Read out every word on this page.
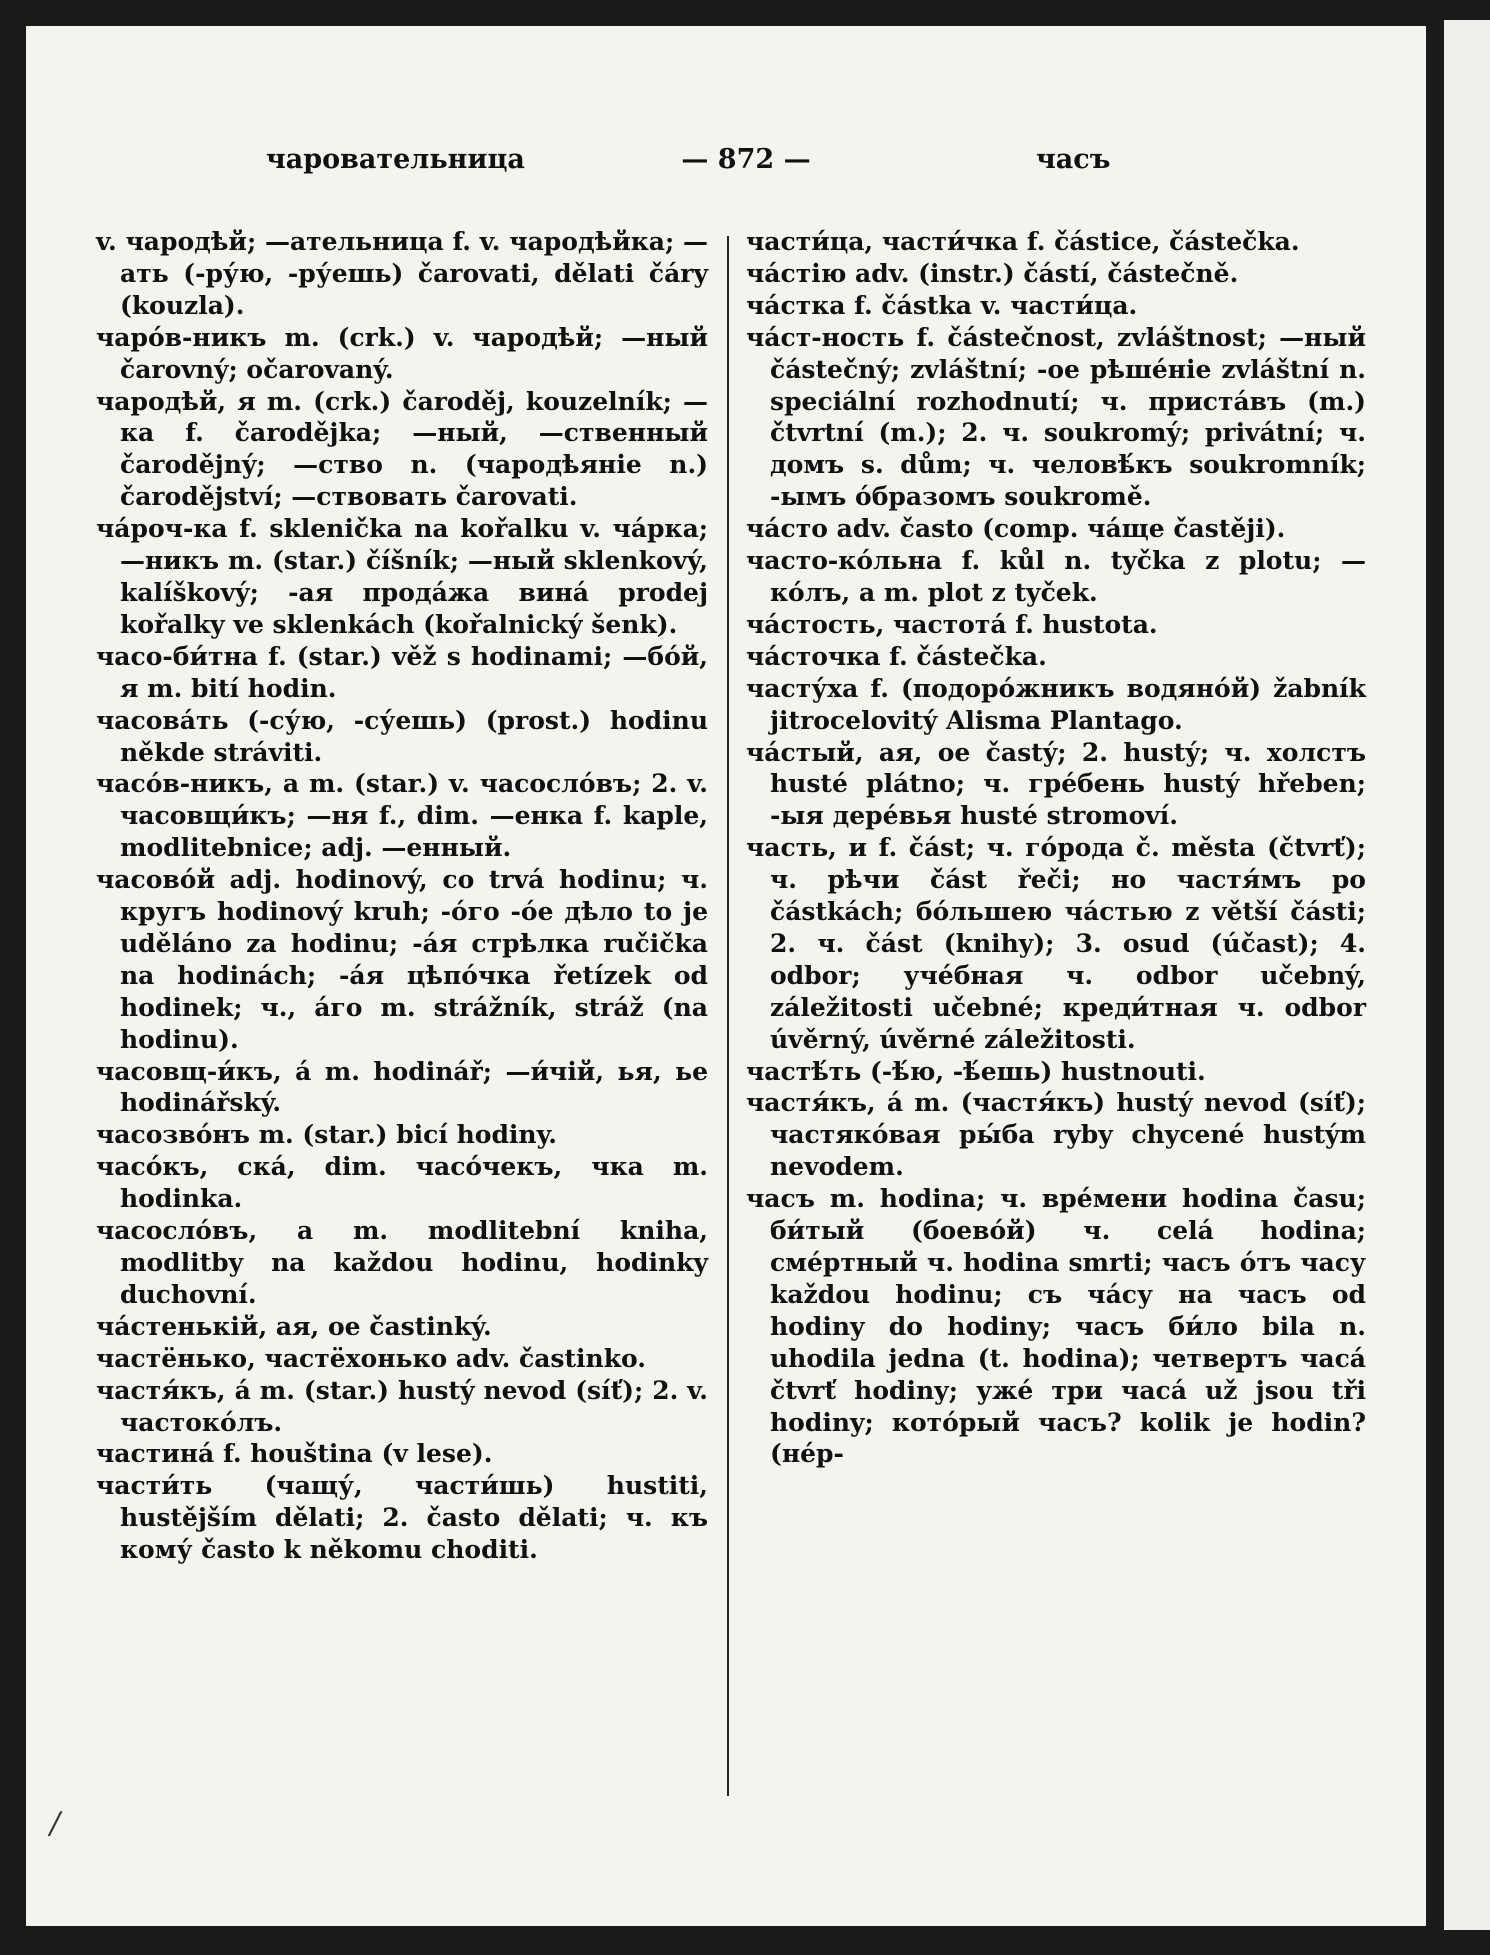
чаровательница	— 872 —	часъ

v. чародѣй; —ательница f. v. чародѣйка; —ать (-ру́ю, -ру́ешь) čarovati, dělati čáry (kouzla).

чаро́в-никъ m. (crk.) v. чародѣй; —ный čarovný; očarovaný.

чародѣй, я m. (crk.) čaroděj, kouzelník; —ка f. čarodějka; —ный, —ственный čarodějný; —ство n. (чародѣяніе n.) čarodějství; —ствовать čarovati.

ча́роч-ка f. sklenička na kořalku v. ча́рка; —никъ m. (star.) číšník; —ный sklenkový, kalíškový; -ая прода́жа вина́ prodej kořalky ve sklenkách (kořalnický šenk).

часо-би́тна f. (star.) věž s hodinami; —бо́й, я m. bití hodin.

часова́ть (-су́ю, -су́ешь) (prost.) hodinu někde stráviti.

часо́в-никъ, а m. (star.) v. часосло́въ; 2. v. часовщи́къ; —ня f., dim. —енка f. kaple, modlitebnice; adj. —енный.

часово́й adj. hodinový, co trvá hodinu; ч. кругъ hodinový kruh; -о́го -о́е дѣло to je uděláno za hodinu; -а́я стрѣлка ručička na hodinách; -а́я цѣпо́чка řetízek od hodinek; ч., а́го m. strážník, stráž (na hodinu).

часовщ-и́къ, а́ m. hodinář; —и́чій, ья, ье hodinářský.

часозво́нъ m. (star.) bicí hodiny.

часо́къ, ска́, dim. часо́чекъ, чка m. hodinka.

часосло́въ, а m. modlitební kniha, modlitby na každou hodinu, hodinky duchovní.

ча́стенькій, ая, ое častinký.

частёнько, частёхонько adv. častinko.

частя́къ, а́ m. (star.) hustý nevod (síť); 2. v. частоко́лъ.

частина́ f. houština (v lese).

части́ть (чащу́, части́шь) hustiti, hustějším dělati; 2. často dělati; ч. къ кому́ často k někomu choditi.

части́ца, части́чка f. částice, částečka.

ча́стію adv. (instr.) částí, částečně.

ча́стка f. částka v. части́ца.

ча́ст-ность f. částečnost, zvláštnost; —ный částečný; zvláštní; -ое рѣше́ніе zvláštní n. speciální rozhodnutí; ч. приста́въ (m.) čtvrtní (m.); 2. ч. soukromý; privátní; ч. домъ s. dům; ч. человѣ́къ soukromník; -ымъ о́бразомъ soukromě.

ча́сто adv. často (comp. ча́ще častěji).

часто-ко́льна f. kůl n. tyčka z plotu; —ко́лъ, а m. plot z tyček.

ча́стость, частота́ f. hustota.

ча́сточка f. částečka.

часту́ха f. (подоро́жникъ водяно́й) žabník jitrocelovitý Alisma Plantago.

ча́стый, ая, ое častý; 2. hustý; ч. холстъ husté plátno; ч. гре́бень hustý hřeben; -ыя дере́вья husté stromoví.

часть, и f. část; ч. го́рода č. města (čtvrť); ч. рѣчи část řeči; но частя́мъ po částkách; бо́льшею ча́стью z větší části; 2. ч. část (knihy); 3. osud (účast); 4. odbor; уче́бная ч. odbor učebný, záležitosti učebné; креди́тная ч. odbor úvěrný, úvěrné záležitosti.

частѣ́ть (-ѣ́ю, -ѣ́ешь) hustnouti.

частя́къ, а́ m. (частя́къ) hustý nevod (síť); частяко́вая ры́ба ryby chycené hustým nevodem.

часъ m. hodina; ч. вре́мени hodina času; би́тый (боево́й) ч. celá hodina; сме́ртный ч. hodina smrti; часъ о́тъ часу každou hodinu; съ ча́су на часъ od hodiny do hodiny; часъ би́ло bila n. uhodila jedna (t. hodina); четвертъ часа́ čtvrť hodiny; уже́ три часа́ už jsou tři hodiny; кото́рый часъ? kolik je hodin? (не́р-

/
